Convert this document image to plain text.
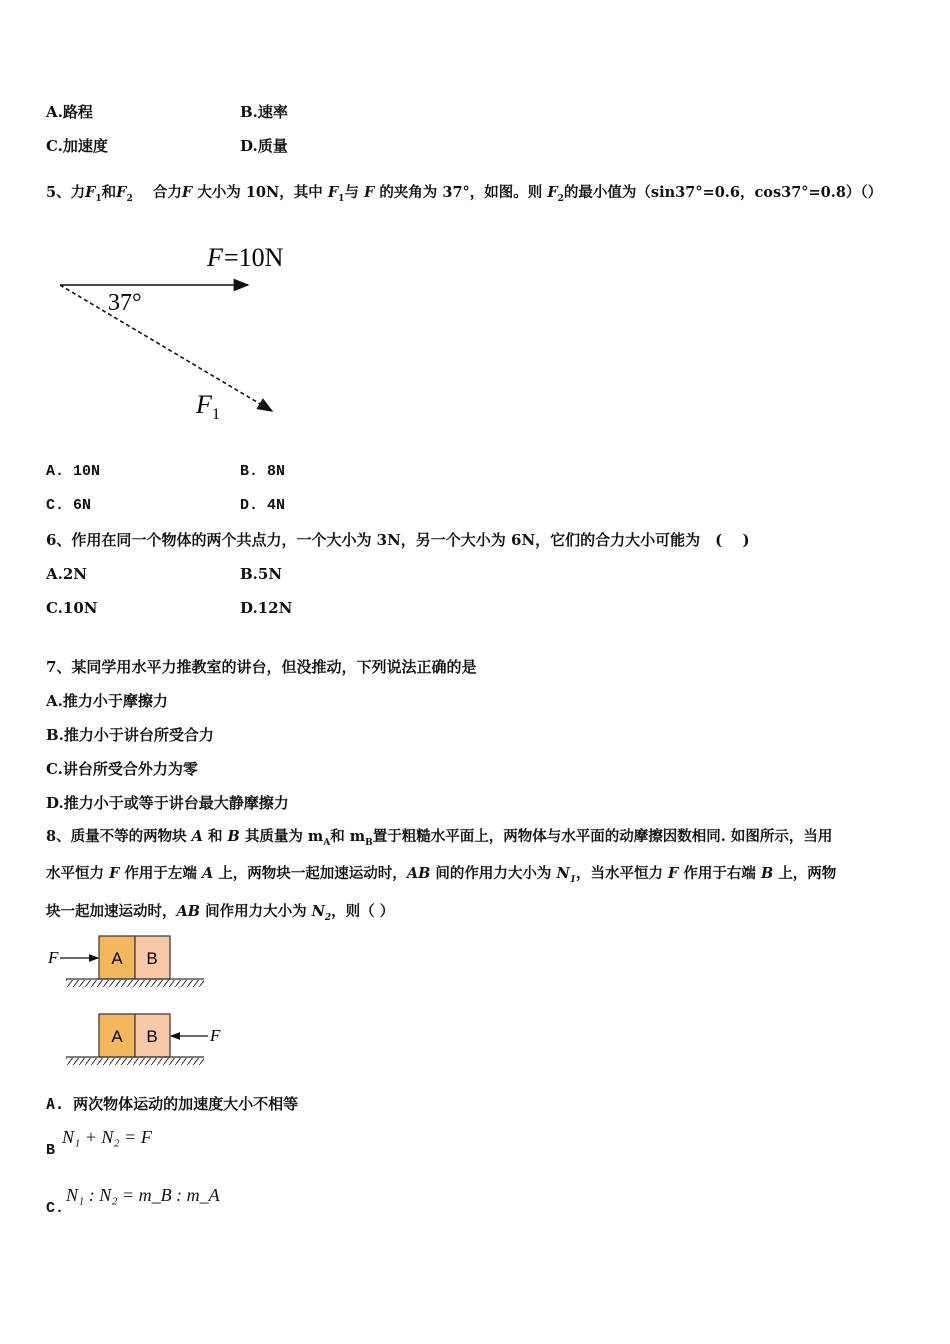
A.路程	B.速率
C.加速度	D.质量
5、力$F_1$和$F_2$ 合力F 大小为 10N，其中 $F_1$与 F 的夹角为 37°，如图。则 $F_2$的最小值为（sin37°=0.6，cos37°=0.8）（）
F =10N
37°
F 1
A. 10N	B. 8N
C. 6N	D. 4N
6、作用在同一个物体的两个共点力，一个大小为 3N，另一个大小为 6N，它们的合力大小可能为　(　 )
A.2N	B.5N
C.10N	D.12N
7、某同学用水平力推教室的讲台，但没推动，下列说法正确的是
A.推力小于摩擦力
B.推力小于讲台所受合力
C.讲台所受合外力为零
D.推力小于或等于讲台最大静摩擦力
8、质量不等的两物块 A 和 B 其质量为 $m_A$和 $m_B$置于粗糙水平面上，两物体与水平面的动摩擦因数相同. 如图所示，当用
水平恒力 F 作用于左端 A 上，两物块一起加速运动时，AB 间的作用力大小为 $N_1$，当水平恒力 F 作用于右端 B 上，两物
块一起加速运动时，AB 间作用力大小为 $N_2$，则（ ）
F	A B
A B	F
A. 两次物体运动的加速度大小不相等
B
N₁ + N₂ = F
C.
N₁ : N₂ = m_B : m_A
